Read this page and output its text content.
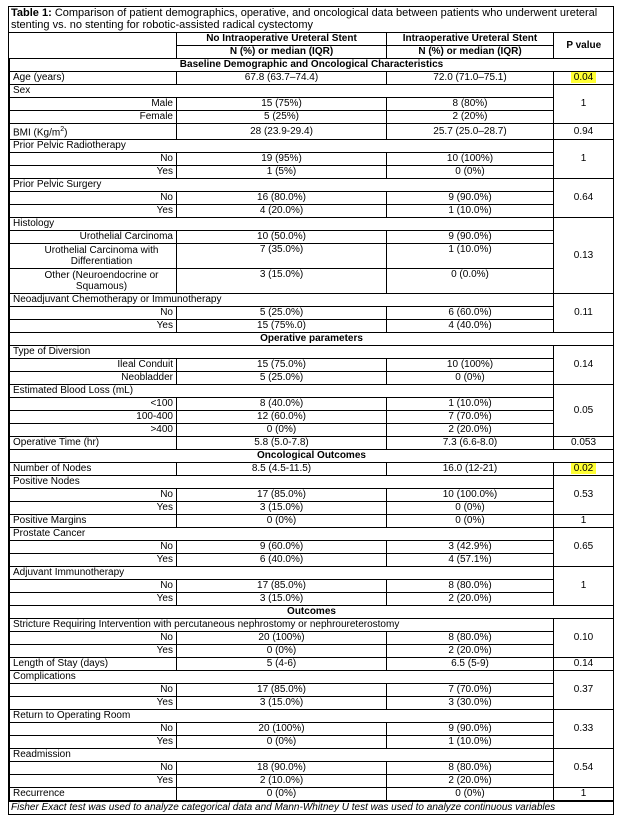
Table 1: Comparison of patient demographics, operative, and oncological data between patients who underwent ureteral stenting vs. no stenting for robotic-assisted radical cystectomy
	No Intraoperative Ureteral Stent	Intraoperative Ureteral Stent	P value
	N (%) or median (IQR)	N (%) or median (IQR)	
Baseline Demographic and Oncological Characteristics			
Age (years)	67.8 (63.7–74.4)	72.0 (71.0–75.1)	0.04
Sex			1
Male	15 (75%)	8 (80%)	
Female	5 (25%)	2 (20%)	
BMI $(Kg/m^2)$	28 (23.9-29.4)	25.7 (25.0–28.7)	0.94
Prior Pelvic Radiotherapy			1
No	19 (95%)	10 (100%)	
Yes	1 (5%)	0 (0%)	
Prior Pelvic Surgery			0.64
No	16 (80.0%)	9 (90.0%)	
Yes	4 (20.0%)	1 (10.0%)	
Histology			0.13
Urothelial Carcinoma	10 (50.0%)	9 (90.0%)	
Urothelial Carcinoma with Differentiation	7 (35.0%)	1 (10.0%)	
Other (Neuroendocrine or Squamous)	3 (15.0%)	0 (0.0%)	
Neoadjuvant Chemotherapy or Immunotherapy			0.11
No	5 (25.0%)	6 (60.0%)	
Yes	15 (75%.0)	4 (40.0%)	
Operative parameters			
Type of Diversion			0.14
Ileal Conduit	15 (75.0%)	10 (100%)	
Neobladder	5 (25.0%)	0 (0%)	
Estimated Blood Loss (mL)			0.05
<100	8 (40.0%)	1 (10.0%)	
100-400	12 (60.0%)	7 (70.0%)	
>400	0 (0%)	2 (20.0%)	
Operative Time (hr)	5.8 (5.0-7.8)	7.3 (6.6-8.0)	0.053
Oncological Outcomes			
Number of Nodes	8.5 (4.5-11.5)	16.0 (12-21)	0.02
Positive Nodes			0.53
No	17 (85.0%)	10 (100.0%)	
Yes	3 (15.0%)	0 (0%)	
Positive Margins	0 (0%)	0 (0%)	1
Prostate Cancer			0.65
No	9 (60.0%)	3 (42.9%)	
Yes	6 (40.0%)	4 (57.1%)	
Adjuvant Immunotherapy			1
No	17 (85.0%)	8 (80.0%)	
Yes	3 (15.0%)	2 (20.0%)	
Outcomes			
Stricture Requiring Intervention with percutaneous nephrostomy or nephroureterostomy			0.10
No	20 (100%)	8 (80.0%)	
Yes	0 (0%)	2 (20.0%)	
Length of Stay (days)	5 (4-6)	6.5 (5-9)	0.14
Complications			0.37
No	17 (85.0%)	7 (70.0%)	
Yes	3 (15.0%)	3 (30.0%)	
Return to Operating Room			0.33
No	20 (100%)	9 (90.0%)	
Yes	0 (0%)	1 (10.0%)	
Readmission			0.54
No	18 (90.0%)	8 (80.0%)	
Yes	2 (10.0%)	2 (20.0%)	
Recurrence	0 (0%)	0 (0%)	1
Fisher Exact test was used to analyze categorical data and Mann-Whitney U test was used to analyze continuous variables
